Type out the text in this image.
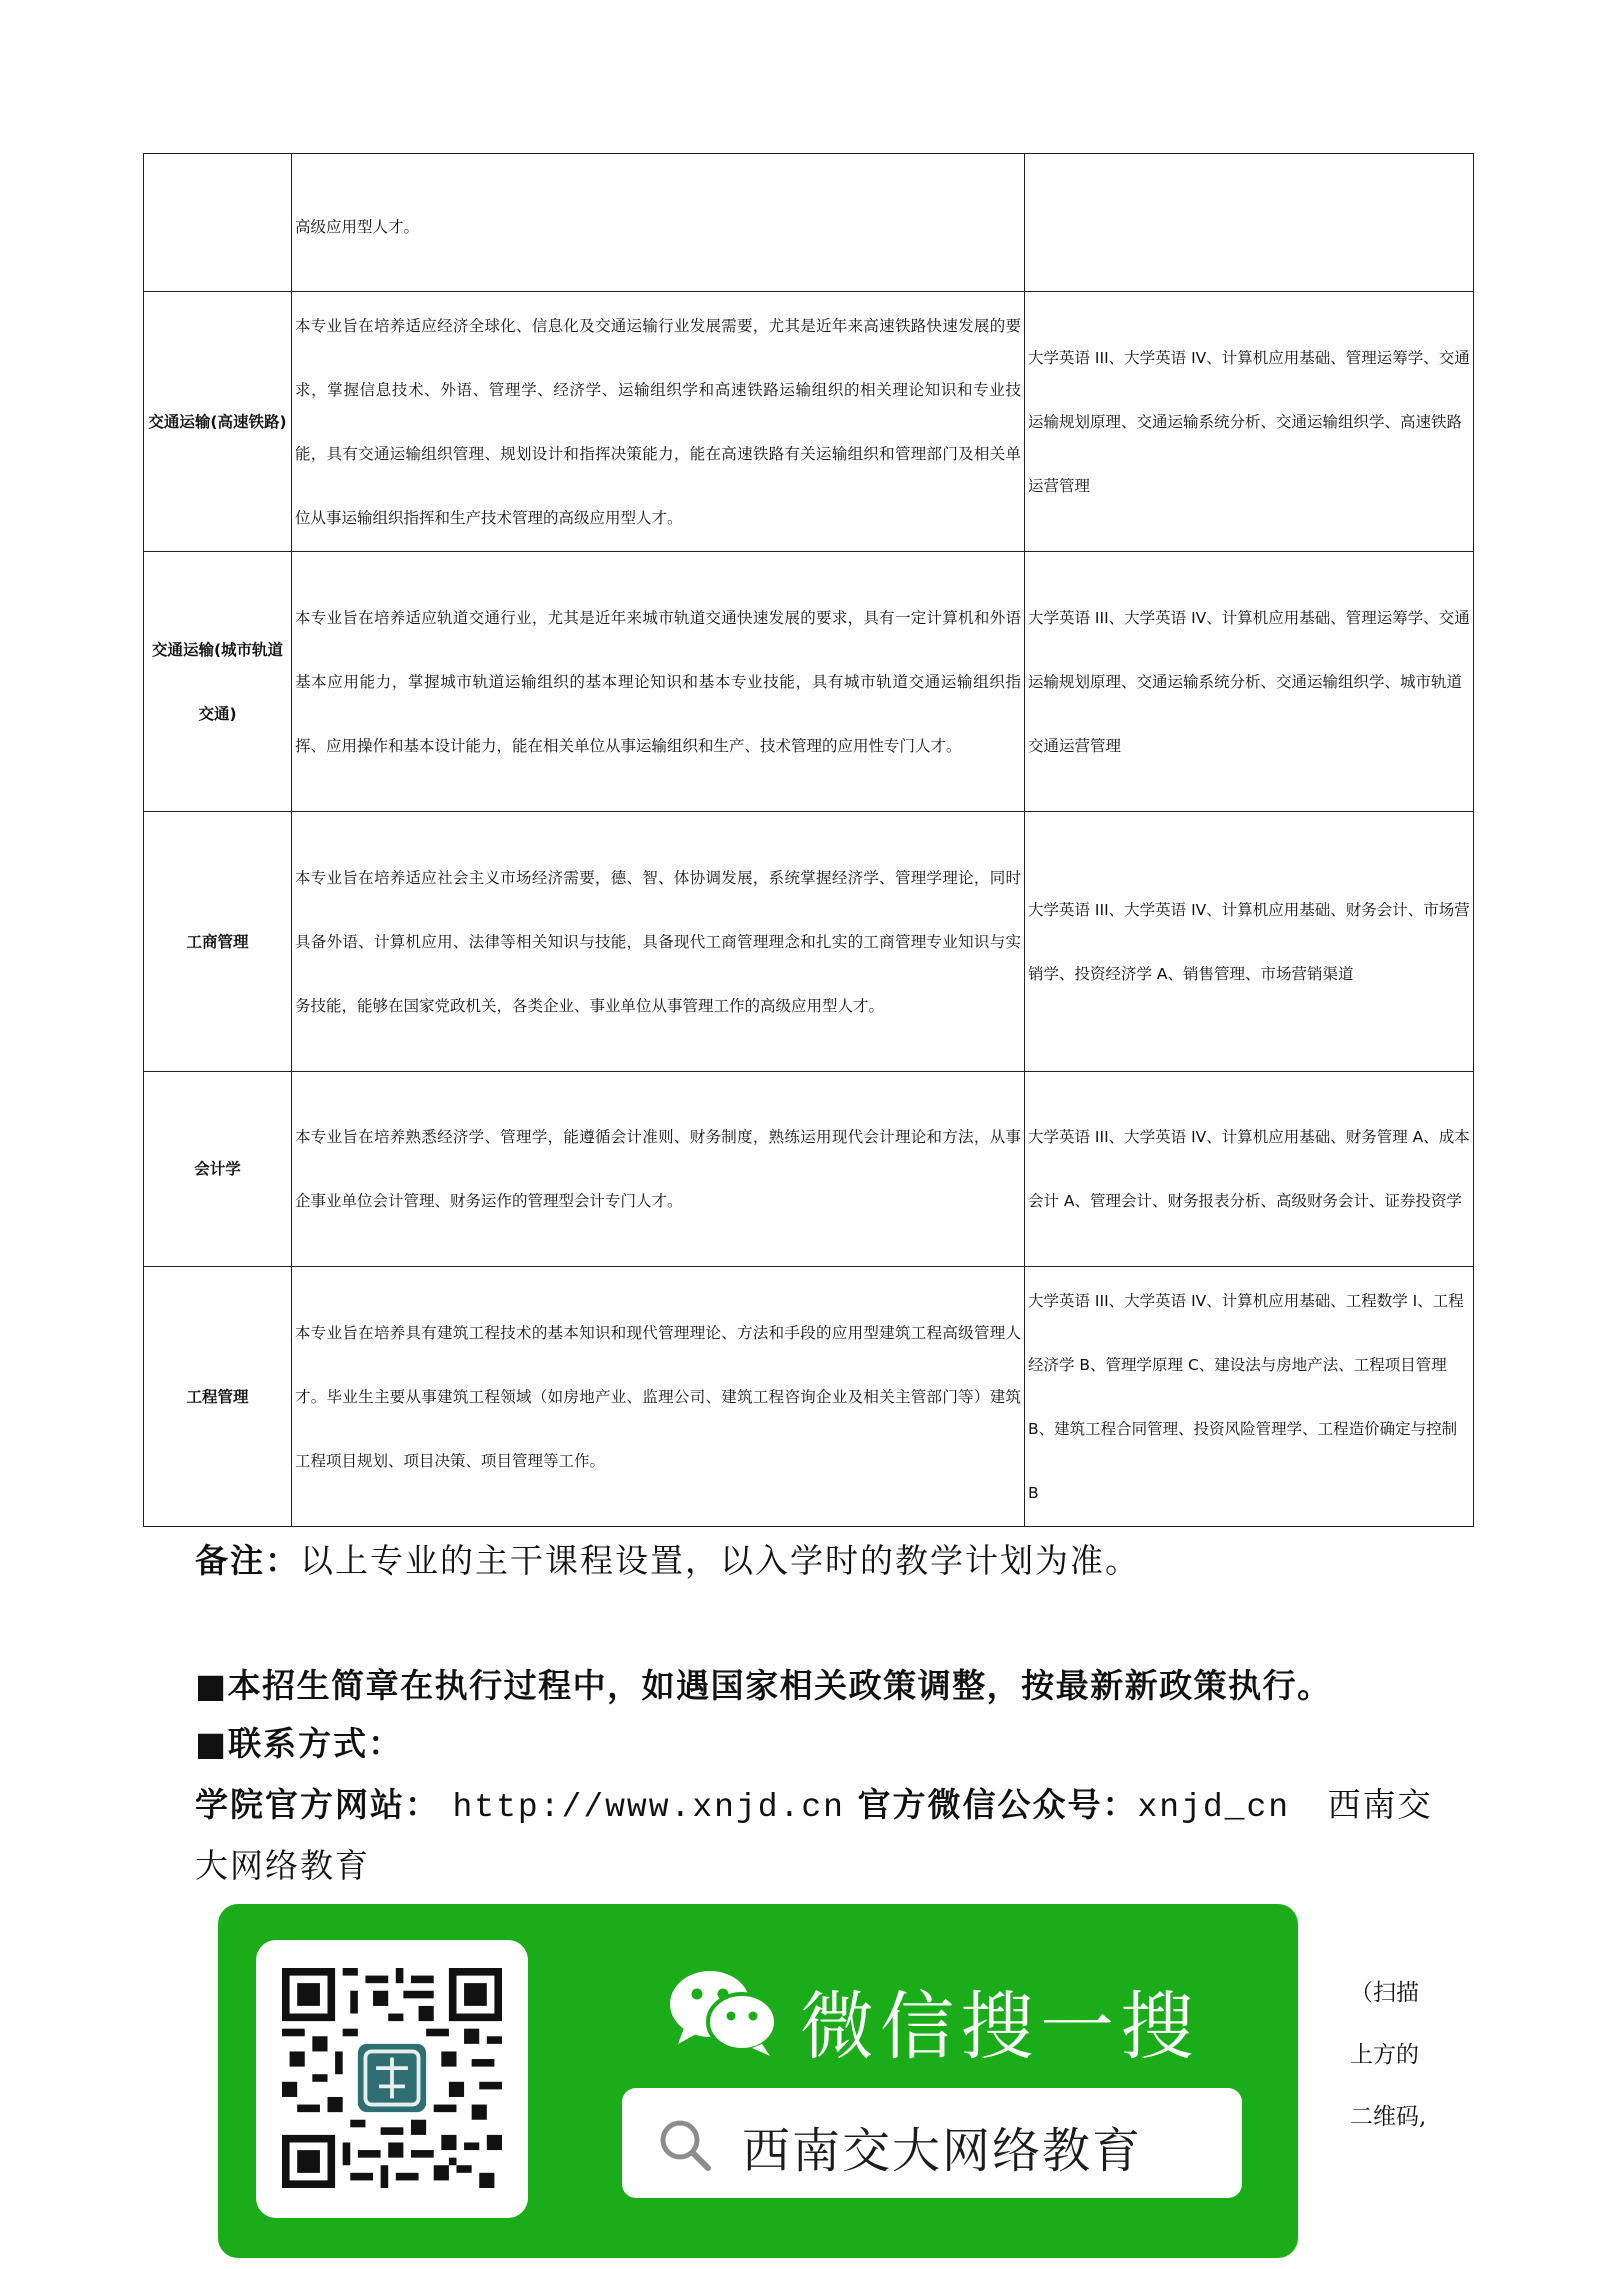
	高级应用型人才。	
交通运输(高速铁路)	本专业旨在培养适应经济全球化、信息化及交通运输行业发展需要，尤其是近年来高速铁路快速发展的要求，掌握信息技术、外语、管理学、经济学、运输组织学和高速铁路运输组织的相关理论知识和专业技能，具有交通运输组织管理、规划设计和指挥决策能力，能在高速铁路有关运输组织和管理部门及相关单位从事运输组织指挥和生产技术管理的高级应用型人才。	大学英语 III、大学英语 IV、计算机应用基础、管理运筹学、交通运输规划原理、交通运输系统分析、交通运输组织学、高速铁路运营管理
交通运输(城市轨道交通)	本专业旨在培养适应轨道交通行业，尤其是近年来城市轨道交通快速发展的要求，具有一定计算机和外语基本应用能力，掌握城市轨道运输组织的基本理论知识和基本专业技能，具有城市轨道交通运输组织指挥、应用操作和基本设计能力，能在相关单位从事运输组织和生产、技术管理的应用性专门人才。	大学英语 III、大学英语 IV、计算机应用基础、管理运筹学、交通运输规划原理、交通运输系统分析、交通运输组织学、城市轨道交通运营管理
工商管理	本专业旨在培养适应社会主义市场经济需要，德、智、体协调发展，系统掌握经济学、管理学理论，同时具备外语、计算机应用、法律等相关知识与技能，具备现代工商管理理念和扎实的工商管理专业知识与实务技能，能够在国家党政机关，各类企业、事业单位从事管理工作的高级应用型人才。	大学英语 III、大学英语 IV、计算机应用基础、财务会计、市场营销学、投资经济学 A、销售管理、市场营销渠道
会计学	本专业旨在培养熟悉经济学、管理学，能遵循会计准则、财务制度，熟练运用现代会计理论和方法，从事企事业单位会计管理、财务运作的管理型会计专门人才。	大学英语 III、大学英语 IV、计算机应用基础、财务管理 A、成本会计 A、管理会计、财务报表分析、高级财务会计、证券投资学
工程管理	本专业旨在培养具有建筑工程技术的基本知识和现代管理理论、方法和手段的应用型建筑工程高级管理人才。毕业生主要从事建筑工程领域（如房地产业、监理公司、建筑工程咨询企业及相关主管部门等）建筑工程项目规划、项目决策、项目管理等工作。	大学英语 III、大学英语 IV、计算机应用基础、工程数学 I、工程经济学 B、管理学原理 C、建设法与房地产法、工程项目管理 B、建筑工程合同管理、投资风险管理学、工程造价确定与控制 B
备注：以上专业的主干课程设置，以入学时的教学计划为准。
■本招生简章在执行过程中，如遇国家相关政策调整，按最新新政策执行。
■联系方式：
学院官方网站： http://www.xnjd.cn 官方微信公众号：xnjd_cn 西南交大网络教育
微信搜一搜
西南交大网络教育
（扫描
上方的
二维码,
